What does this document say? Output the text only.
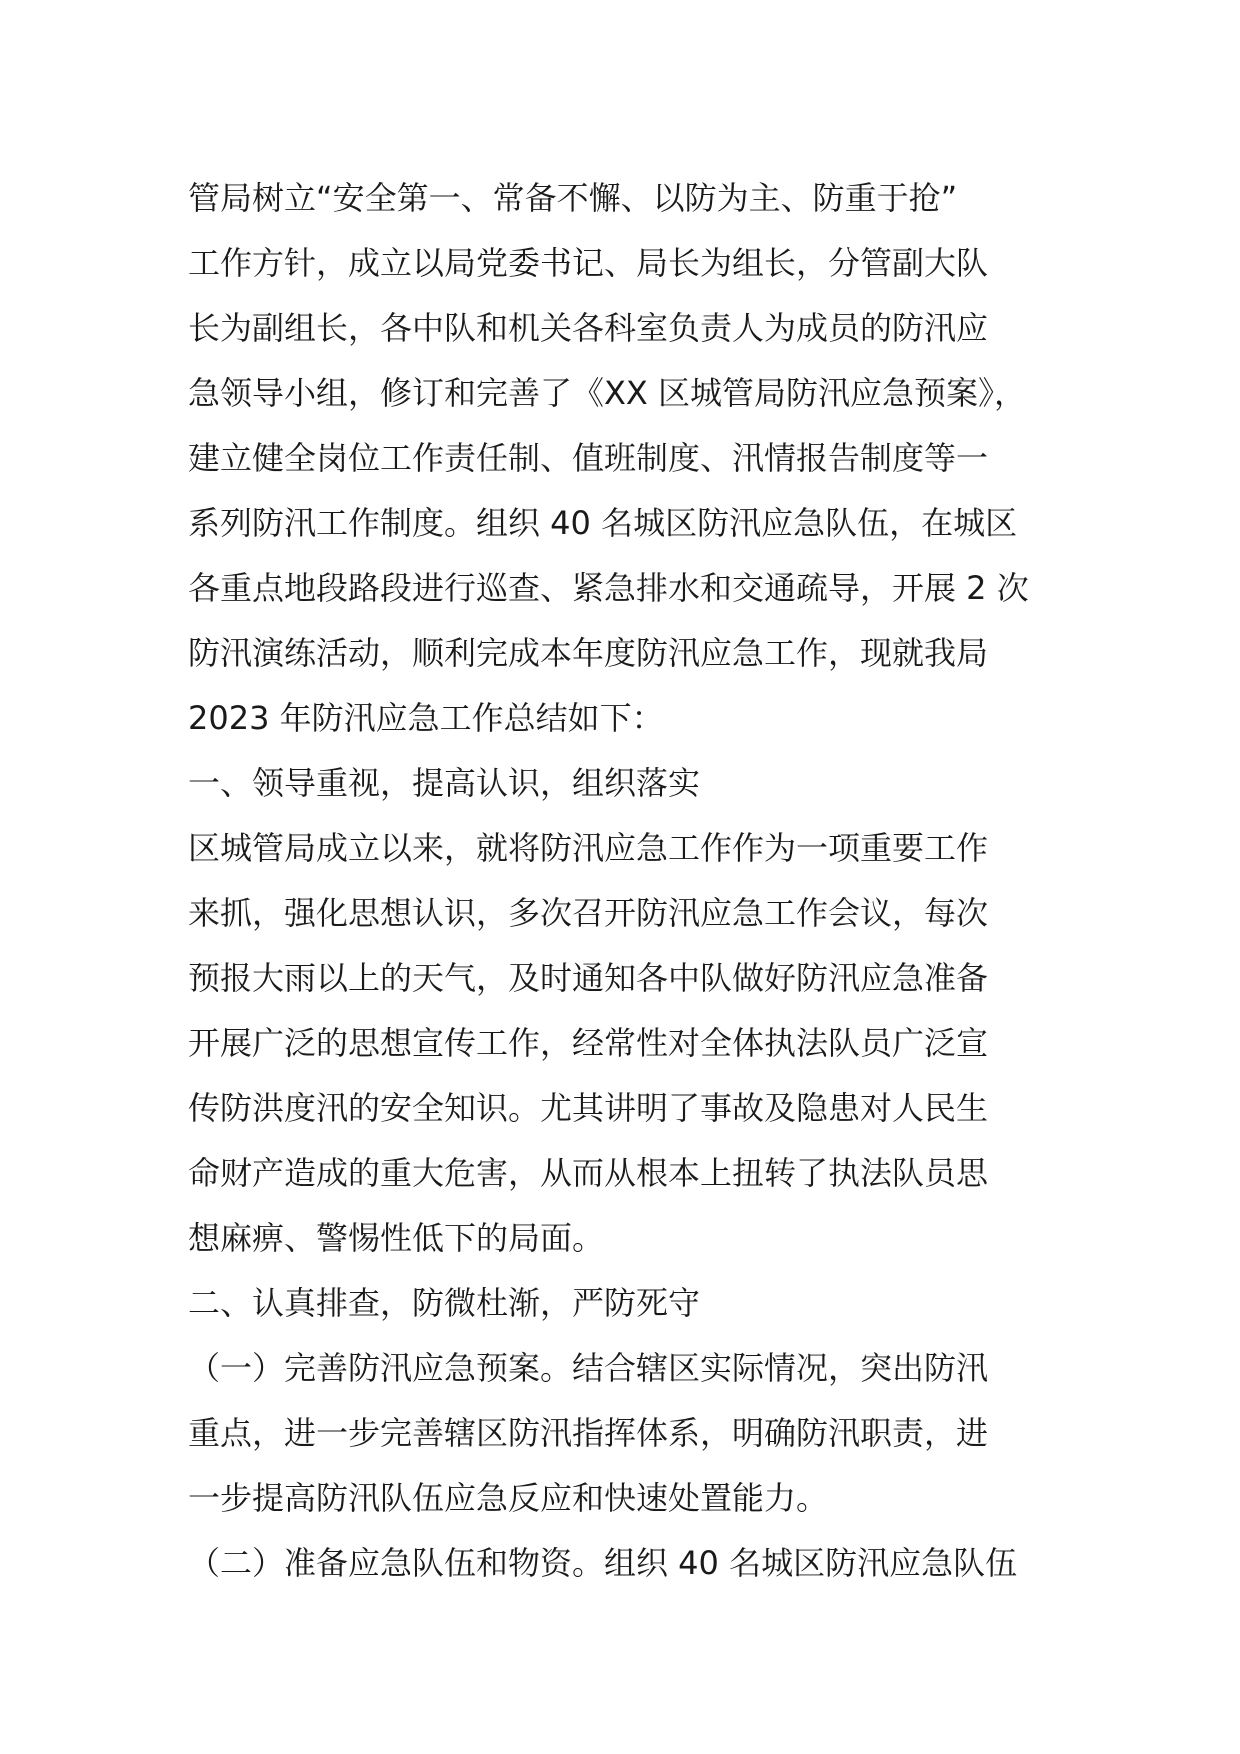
管局树立“安全第一、常备不懈、以防为主、防重于抢”
工作方针，成立以局党委书记、局长为组长，分管副大队
长为副组长，各中队和机关各科室负责人为成员的防汛应
急领导小组，修订和完善了《XX 区城管局防汛应急预案》，
建立健全岗位工作责任制、值班制度、汛情报告制度等一
系列防汛工作制度。组织 40 名城区防汛应急队伍，在城区
各重点地段路段进行巡查、紧急排水和交通疏导，开展 2 次
防汛演练活动，顺利完成本年度防汛应急工作，现就我局
2023 年防汛应急工作总结如下：
一、领导重视，提高认识，组织落实
区城管局成立以来，就将防汛应急工作作为一项重要工作
来抓，强化思想认识，多次召开防汛应急工作会议，每次
预报大雨以上的天气，及时通知各中队做好防汛应急准备
开展广泛的思想宣传工作，经常性对全体执法队员广泛宣
传防洪度汛的安全知识。尤其讲明了事故及隐患对人民生
命财产造成的重大危害，从而从根本上扭转了执法队员思
想麻痹、警惕性低下的局面。
二、认真排查，防微杜渐，严防死守
（一）完善防汛应急预案。结合辖区实际情况，突出防汛
重点，进一步完善辖区防汛指挥体系，明确防汛职责，进
一步提高防汛队伍应急反应和快速处置能力。
（二）准备应急队伍和物资。组织 40 名城区防汛应急队伍
